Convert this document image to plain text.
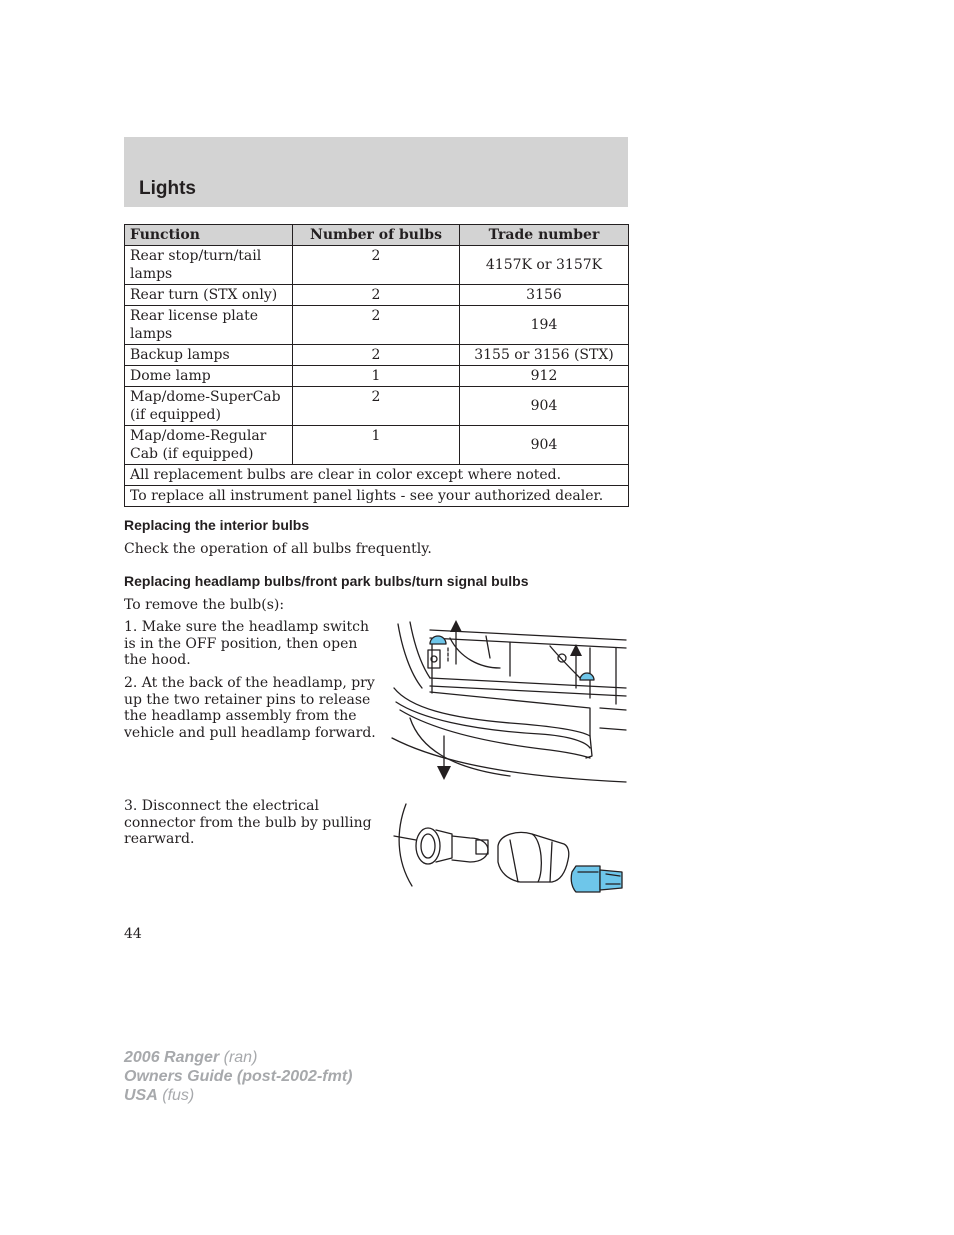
Lights
Function	Number of bulbs	Trade number
Rear stop/turn/tail lamps	2	4157K or 3157K
Rear turn (STX only)	2	3156
Rear license plate lamps	2	194
Backup lamps	2	3155 or 3156 (STX)
Dome lamp	1	912
Map/dome-SuperCab (if equipped)	2	904
Map/dome-Regular Cab (if equipped)	1	904
All replacement bulbs are clear in color except where noted.		
To replace all instrument panel lights - see your authorized dealer.		
Replacing the interior bulbs
Check the operation of all bulbs frequently.
Replacing headlamp bulbs/front park bulbs/turn signal bulbs
To remove the bulb(s):
1. Make sure the headlamp switch is in the OFF position, then open the hood.
2. At the back of the headlamp, pry up the two retainer pins to release the headlamp assembly from the vehicle and pull headlamp forward.
3. Disconnect the electrical connector from the bulb by pulling rearward.
44
2006 Ranger (ran)
Owners Guide (post-2002-fmt)
USA (fus)
